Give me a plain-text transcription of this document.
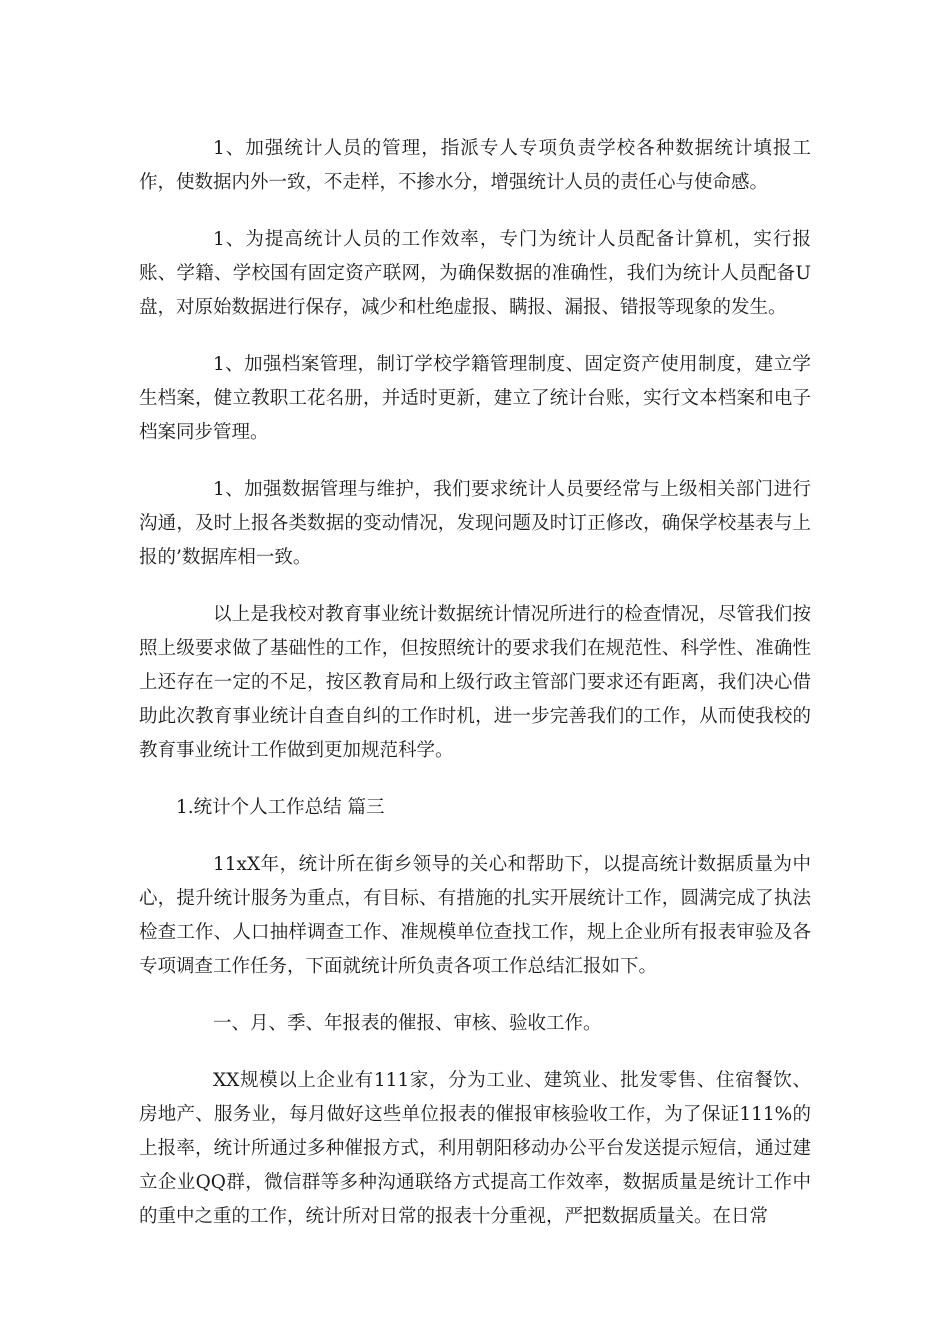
1、加强统计人员的管理，指派专人专项负责学校各种数据统计填报工作，使数据内外一致，不走样，不掺水分，增强统计人员的责任心与使命感。

1、为提高统计人员的工作效率，专门为统计人员配备计算机，实行报账、学籍、学校国有固定资产联网，为确保数据的准确性，我们为统计人员配备U盘，对原始数据进行保存，减少和杜绝虚报、瞒报、漏报、错报等现象的发生。

1、加强档案管理，制订学校学籍管理制度、固定资产使用制度，建立学生档案，健立教职工花名册，并适时更新，建立了统计台账，实行文本档案和电子档案同步管理。

1、加强数据管理与维护，我们要求统计人员要经常与上级相关部门进行沟通，及时上报各类数据的变动情况，发现问题及时订正修改，确保学校基表与上报的’数据库相一致。

以上是我校对教育事业统计数据统计情况所进行的检查情况，尽管我们按照上级要求做了基础性的工作，但按照统计的要求我们在规范性、科学性、准确性上还存在一定的不足，按区教育局和上级行政主管部门要求还有距离，我们决心借助此次教育事业统计自查自纠的工作时机，进一步完善我们的工作，从而使我校的教育事业统计工作做到更加规范科学。

1.统计个人工作总结 篇三

11xX年，统计所在街乡领导的关心和帮助下，以提高统计数据质量为中心，提升统计服务为重点，有目标、有措施的扎实开展统计工作，圆满完成了执法检查工作、人口抽样调查工作、准规模单位查找工作，规上企业所有报表审验及各专项调查工作任务，下面就统计所负责各项工作总结汇报如下。

一、月、季、年报表的催报、审核、验收工作。

XX规模以上企业有111家，分为工业、建筑业、批发零售、住宿餐饮、房地产、服务业，每月做好这些单位报表的催报审核验收工作，为了保证111%的上报率，统计所通过多种催报方式，利用朝阳移动办公平台发送提示短信，通过建立企业QQ群，微信群等多种沟通联络方式提高工作效率，数据质量是统计工作中的重中之重的工作，统计所对日常的报表十分重视，严把数据质量关。在日常
